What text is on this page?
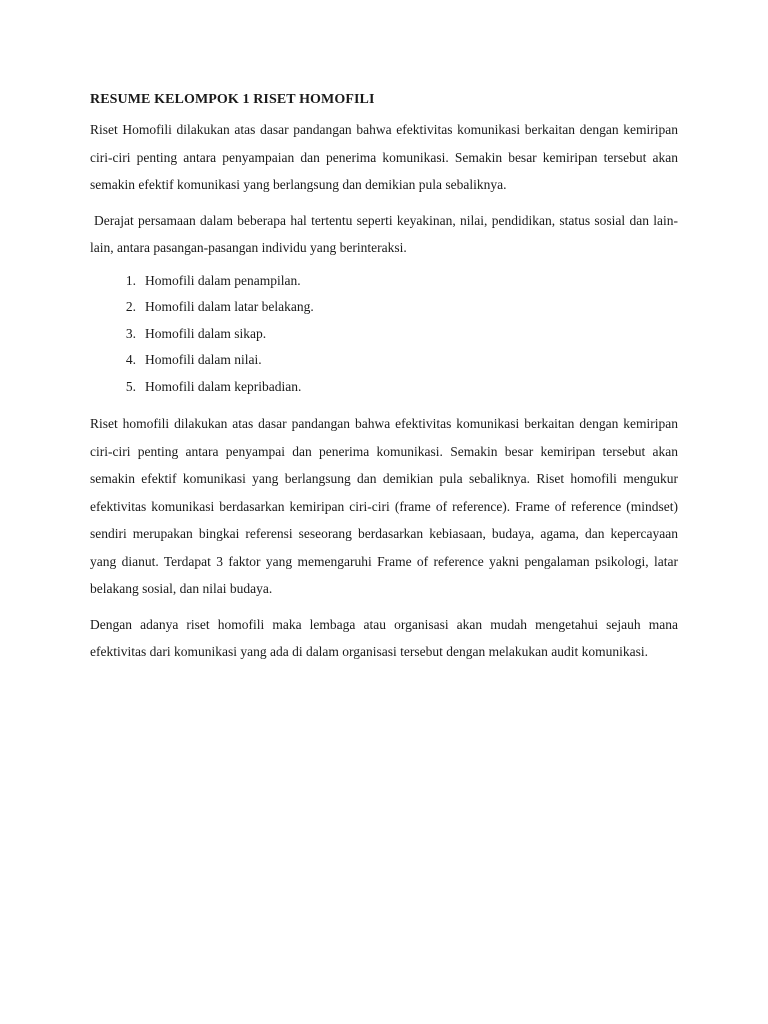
RESUME KELOMPOK 1 RISET HOMOFILI

Riset Homofili dilakukan atas dasar pandangan bahwa efektivitas komunikasi berkaitan dengan kemiripan ciri-ciri penting antara penyampaian dan penerima komunikasi. Semakin besar kemiripan tersebut akan semakin efektif komunikasi yang berlangsung dan demikian pula sebaliknya.

Derajat persamaan dalam beberapa hal tertentu seperti keyakinan, nilai, pendidikan, status sosial dan lain-lain, antara pasangan-pasangan individu yang berinteraksi.

1. Homofili dalam penampilan.
2. Homofili dalam latar belakang.
3. Homofili dalam sikap.
4. Homofili dalam nilai.
5. Homofili dalam kepribadian.

Riset homofili dilakukan atas dasar pandangan bahwa efektivitas komunikasi berkaitan dengan kemiripan ciri-ciri penting antara penyampai dan penerima komunikasi. Semakin besar kemiripan tersebut akan semakin efektif komunikasi yang berlangsung dan demikian pula sebaliknya. Riset homofili mengukur efektivitas komunikasi berdasarkan kemiripan ciri-ciri (frame of reference). Frame of reference (mindset) sendiri merupakan bingkai referensi seseorang berdasarkan kebiasaan, budaya, agama, dan kepercayaan yang dianut. Terdapat 3 faktor yang memengaruhi Frame of reference yakni pengalaman psikologi, latar belakang sosial, dan nilai budaya.

Dengan adanya riset homofili maka lembaga atau organisasi akan mudah mengetahui sejauh mana efektivitas dari komunikasi yang ada di dalam organisasi tersebut dengan melakukan audit komunikasi.
